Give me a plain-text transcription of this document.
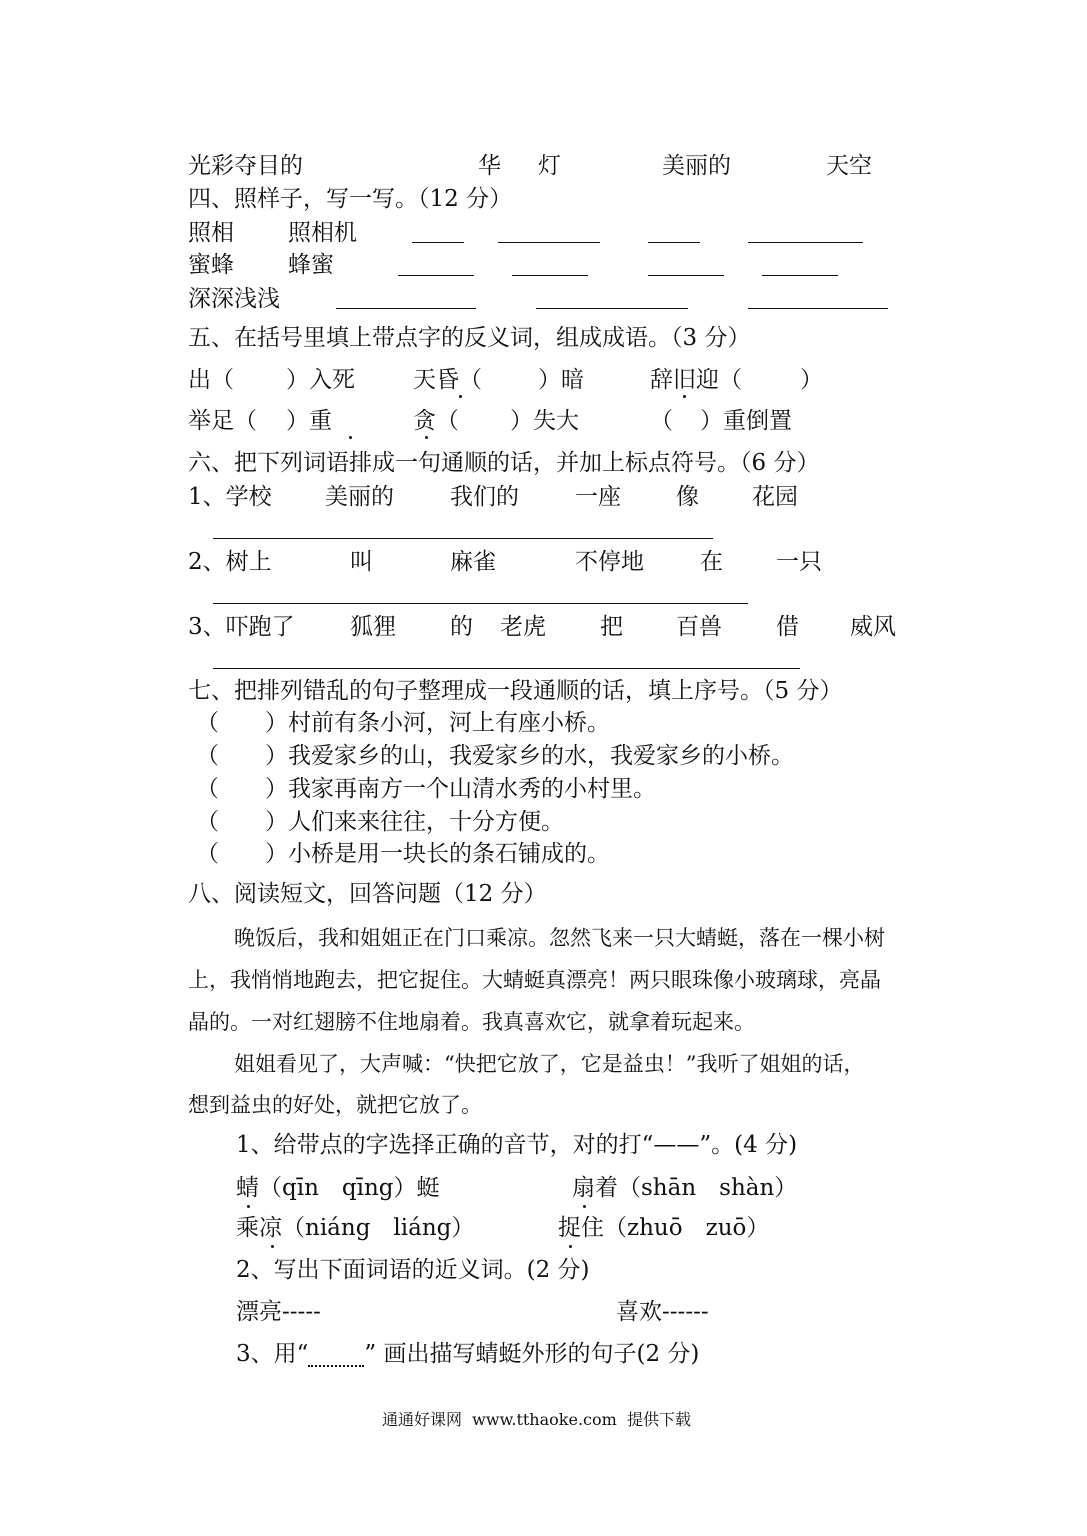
光彩夺目的	华 灯	美丽的	天空
四、照样子，写一写。（12 分）
照相 照相机
蜜蜂 蜂蜜
深深浅浅
五、在括号里填上带点字的反义词，组成成语。（3 分）
出（ ）入死	天昏（ ）暗	辞旧迎（	）
举足（ ）重	贪（ ）失大	（ ）重倒置
六、把下列词语排成一句通顺的话，并加上标点符号。（6 分）
1、学校 美丽的 我们的 一座 像 花园
2、树上	叫	麻雀	不停地 在 一只
3、吓跑了 狐狸 的 老虎 把 百兽 借 威风
七、把排列错乱的句子整理成一段通顺的话，填上序号。（5 分）
（　　）村前有条小河，河上有座小桥。
（　　）我爱家乡的山，我爱家乡的水，我爱家乡的小桥。
（　　）我家再南方一个山清水秀的小村里。
（　　）人们来来往往，十分方便。
（　　）小桥是用一块长的条石铺成的。
八、阅读短文，回答问题（12 分）
晚饭后，我和姐姐正在门口乘凉。忽然飞来一只大蜻蜓，落在一棵小树
上，我悄悄地跑去，把它捉住。大蜻蜓真漂亮！两只眼珠像小玻璃球，亮晶
晶的。一对红翅膀不住地扇着。我真喜欢它，就拿着玩起来。
姐姐看见了，大声喊：“快把它放了，它是益虫！”我听了姐姐的话，
想到益虫的好处，就把它放了。
1、给带点的字选择正确的音节，对的打“——”。(4 分)
蜻（qīn　qīng）蜓	扇着（shān　shàn）
乘凉（niáng　liáng）	捉住（zhuō　zuō）
2、写出下面词语的近义词。(2 分)
漂亮-----	喜欢------
3、用“ ” 画出描写蜻蜓外形的句子(2 分)
通通好课网  www.tthaoke.com  提供下载
